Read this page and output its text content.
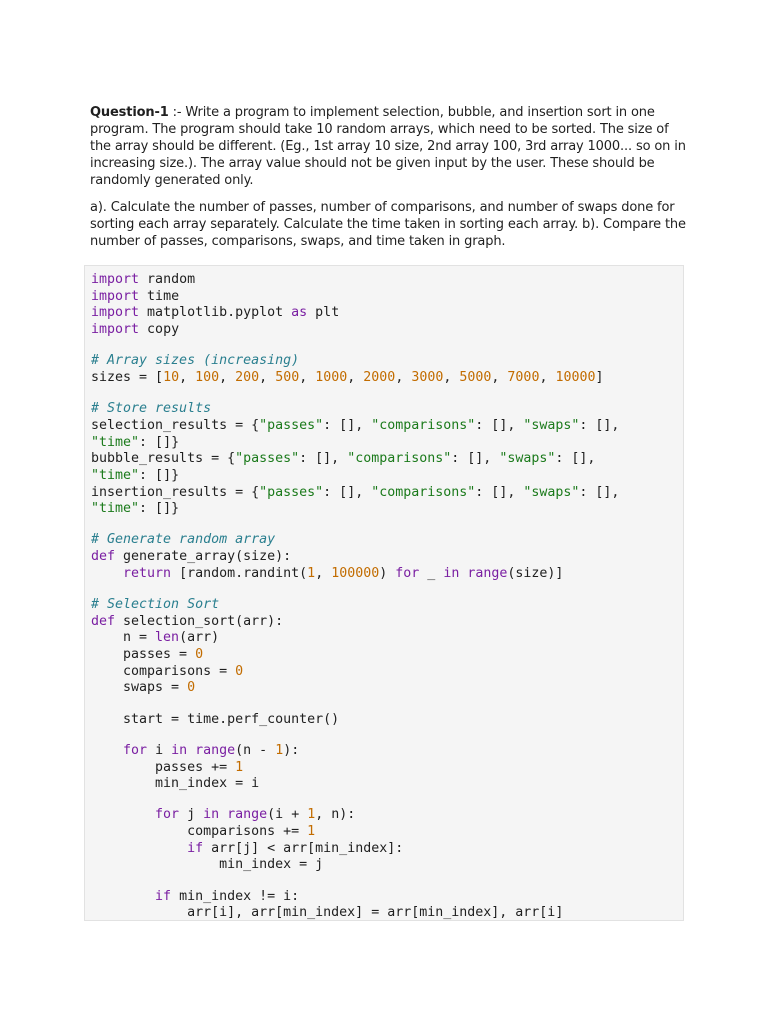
Question-1 :- Write a program to implement selection, bubble, and insertion sort in one program. The program should take 10 random arrays, which need to be sorted. The size of the array should be different. (Eg., 1st array 10 size, 2nd array 100, 3rd array 1000... so on in increasing size.). The array value should not be given input by the user. These should be randomly generated only.

a). Calculate the number of passes, number of comparisons, and number of swaps done for sorting each array separately. Calculate the time taken in sorting each array. b). Compare the number of passes, comparisons, swaps, and time taken in graph.

import random
import time
import matplotlib.pyplot as plt
import copy
# Array sizes (increasing)
sizes = [10, 100, 200, 500, 1000, 2000, 3000, 5000, 7000, 10000]
# Store results
selection_results = {"passes": [], "comparisons": [], "swaps": [],
"time": []}
bubble_results = {"passes": [], "comparisons": [], "swaps": [],
"time": []}
insertion_results = {"passes": [], "comparisons": [], "swaps": [],
"time": []}
# Generate random array
def generate_array(size):
return [random.randint(1, 100000) for _ in range(size)]
# Selection Sort
def selection_sort(arr):
n = len(arr)
passes = 0
comparisons = 0
swaps = 0
start = time.perf_counter()
for i in range(n - 1):
passes += 1
min_index = i
for j in range(i + 1, n):
comparisons += 1
if arr[j] < arr[min_index]:
min_index = j
if min_index != i:
arr[i], arr[min_index] = arr[min_index], arr[i]
